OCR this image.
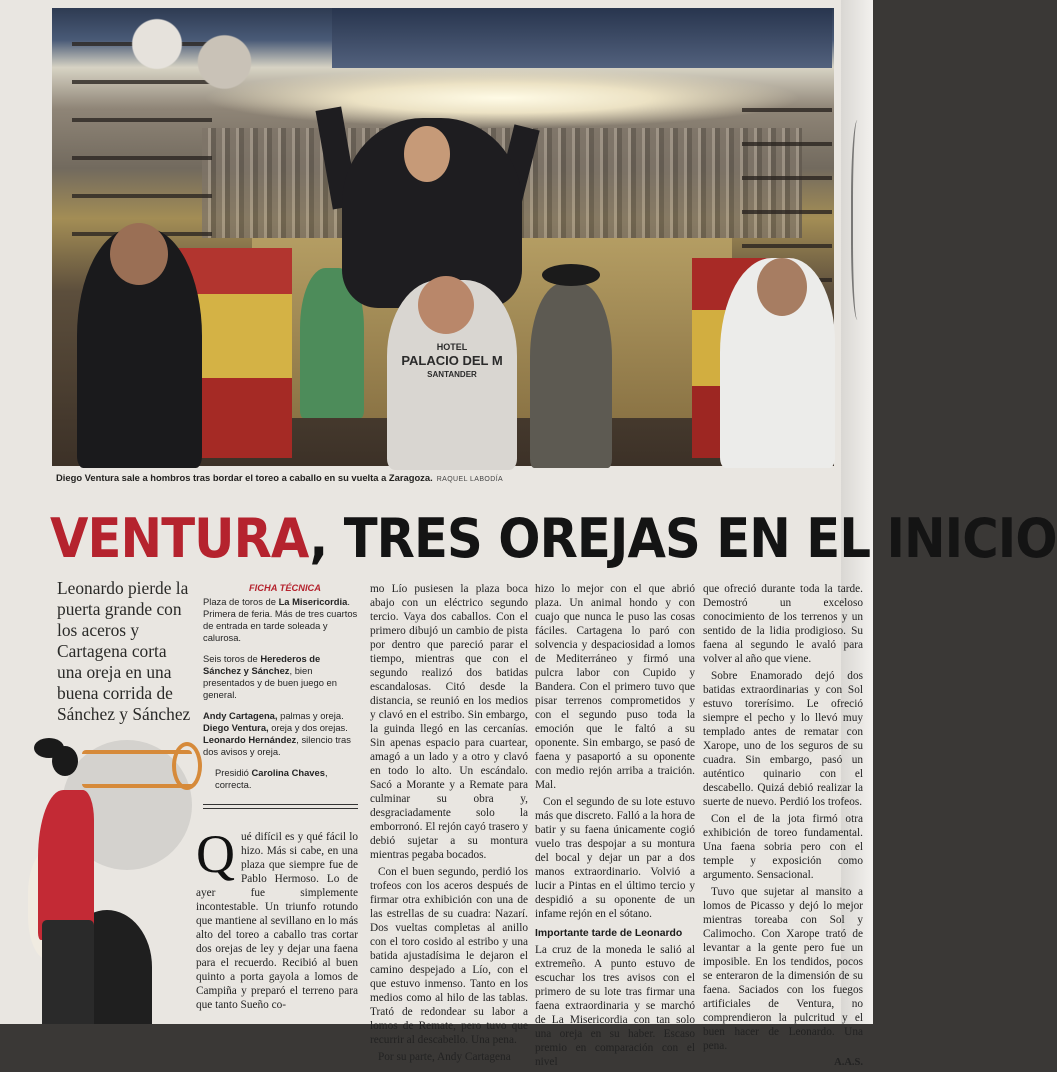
HOTEL
PALACIO DEL M
SANTANDER
Diego Ventura sale a hombros tras bordar el toreo a caballo en su vuelta a Zaragoza. RAQUEL LABODÍA
VENTURA, TRES OREJAS EN EL INICIO
Leonardo pierde la puerta grande con los aceros y Cartagena corta una oreja en una buena corrida de Sánchez y Sánchez
FICHA TÉCNICA

Plaza de toros de La Misericordia. Primera de feria. Más de tres cuartos de entrada en tarde soleada y calurosa.

Seis toros de Herederos de Sánchez y Sánchez, bien presentados y de buen juego en general.

Andy Cartagena, palmas y oreja.
Diego Ventura, oreja y dos orejas.
Leonardo Hernández, silencio tras dos avisos y oreja.

Presidió Carolina Chaves, correcta.

Q ué difícil es y qué fácil lo hizo. Más si cabe, en una plaza que siempre fue de Pablo Hermoso. Lo de ayer fue simplemente incontestable. Un triunfo rotundo que mantiene al sevillano en lo más alto del toreo a caballo tras cortar dos orejas de ley y dejar una faena para el recuerdo. Recibió al buen quinto a porta gayola a lomos de Campiña y preparó el terreno para que tanto Sueño co-

mo Lío pusiesen la plaza boca abajo con un eléctrico segundo tercio. Vaya dos caballos. Con el primero dibujó un cambio de pista por dentro que pareció parar el tiempo, mientras que con el segundo realizó dos batidas escandalosas. Citó desde la distancia, se reunió en los medios y clavó en el estribo. Sin embargo, la guinda llegó en las cercanías. Sin apenas espacio para cuartear, amagó a un lado y a otro y clavó en todo lo alto. Un escándalo. Sacó a Morante y a Remate para culminar su obra y, desgraciadamente solo la emborronó. El rejón cayó trasero y debió sujetar a su montura mientras pegaba bocados.

Con el buen segundo, perdió los trofeos con los aceros después de firmar otra exhibición con una de las estrellas de su cuadra: Nazarí. Dos vueltas completas al anillo con el toro cosido al estribo y una batida ajustadísima le dejaron el camino despejado a Lío, con el que estuvo inmenso. Tanto en los medios como al hilo de las tablas. Trató de redondear su labor a lomos de Remate, pero tuvo que recurrir al descabello. Una pena.

Por su parte, Andy Cartagena

hizo lo mejor con el que abrió plaza. Un animal hondo y con cuajo que nunca le puso las cosas fáciles. Cartagena lo paró con solvencia y despaciosidad a lomos de Mediterráneo y firmó una pulcra labor con Cupido y Bandera. Con el primero tuvo que pisar terrenos comprometidos y con el segundo puso toda la emoción que le faltó a su oponente. Sin embargo, se pasó de faena y pasaportó a su oponente con medio rejón arriba a traición. Mal.

Con el segundo de su lote estuvo más que discreto. Falló a la hora de batir y su faena únicamente cogió vuelo tras despojar a su montura del bocal y dejar un par a dos manos extraordinario. Volvió a lucir a Pintas en el último tercio y despidió a su oponente de un infame rejón en el sótano.

Importante tarde de Leonardo

La cruz de la moneda le salió al extremeño. A punto estuvo de escuchar los tres avisos con el primero de su lote tras firmar una faena extraordinaria y se marchó de La Misericordia con tan solo una oreja en su haber. Escaso premio en comparación con el nivel

que ofreció durante toda la tarde. Demostró un exceloso conocimiento de los terrenos y un sentido de la lidia prodigioso. Su faena al segundo le avaló para volver al año que viene.

Sobre Enamorado dejó dos batidas extraordinarias y con Sol estuvo torerísimo. Le ofreció siempre el pecho y lo llevó muy templado antes de rematar con Xarope, uno de los seguros de su cuadra. Sin embargo, pasó un auténtico quinario con el descabello. Quizá debió realizar la suerte de nuevo. Perdió los trofeos.

Con el de la jota firmó otra exhibición de toreo fundamental. Una faena sobria pero con el temple y exposición como argumento. Sensacional.

Tuvo que sujetar al mansito a lomos de Picasso y dejó lo mejor mientras toreaba con Sol y Calimocho. Con Xarope trató de levantar a la gente pero fue un imposible. En los tendidos, pocos se enteraron de la dimensión de su faena. Saciados con los fuegos artificiales de Ventura, no comprendieron la pulcritud y el buen hacer de Leonardo. Una pena.

A.A.S.
